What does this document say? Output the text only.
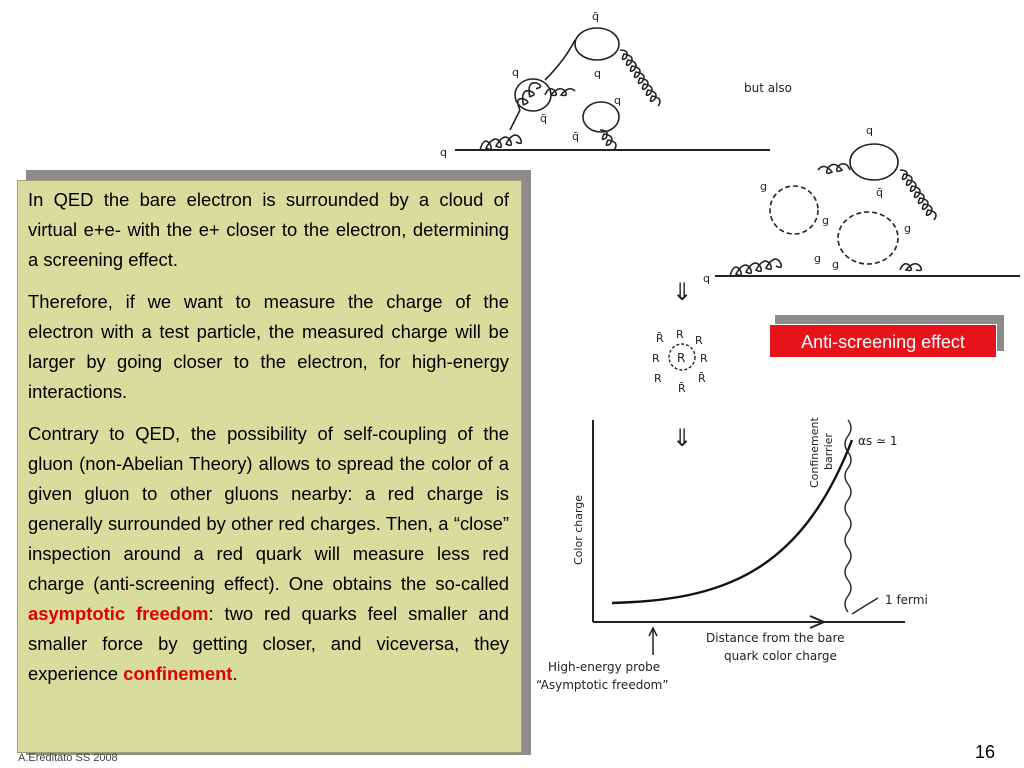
q̄
q
q
q̄
q
q̄
q
but also
q
g	q̄
g
g
g g
q
⇓
⇓
R
R
R̄	R
R	R
R	R̄
R̄
Color charge
Confinement barrier αs ≃ 1
1 fermi
Distance from the bare
quark color charge
High-energy probe
“Asymptotic freedom”

In QED the bare electron is surrounded by a cloud of virtual e+e- with the e+ closer to the electron, determining a screening effect.

Therefore, if we want to measure the charge of the electron with a test particle, the measured charge will be larger by going closer to the electron, for high-energy interactions.

Contrary to QED, the possibility of self-coupling of the gluon (non-Abelian Theory) allows to spread the color of a given gluon to other gluons nearby: a red charge is generally surrounded by other red charges. Then, a “close” inspection around a red quark will measure less red charge (anti-screening effect). One obtains the so-called asymptotic freedom: two red quarks feel smaller and smaller force by getting closer, and viceversa, they experience confinement.

Anti-screening effect
A.Ereditato SS 2008	16
